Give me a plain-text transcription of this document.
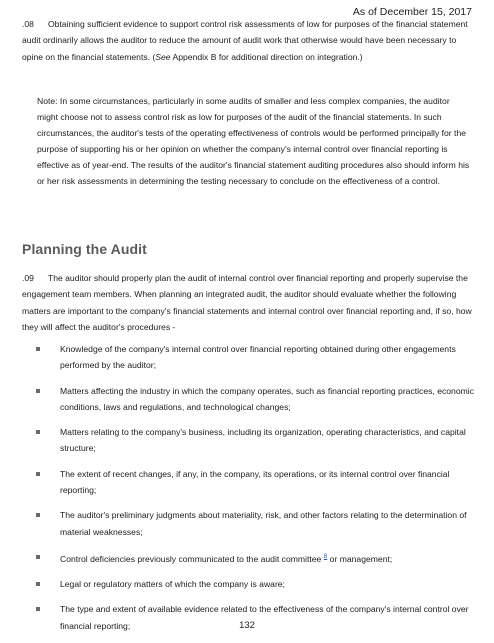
As of December 15, 2017
.08 Obtaining sufficient evidence to support control risk assessments of low for purposes of the financial statement audit ordinarily allows the auditor to reduce the amount of audit work that otherwise would have been necessary to opine on the financial statements. (See Appendix B for additional direction on integration.)
Note: In some circumstances, particularly in some audits of smaller and less complex companies, the auditor might choose not to assess control risk as low for purposes of the audit of the financial statements. In such circumstances, the auditor's tests of the operating effectiveness of controls would be performed principally for the purpose of supporting his or her opinion on whether the company's internal control over financial reporting is effective as of year-end. The results of the auditor's financial statement auditing procedures also should inform his or her risk assessments in determining the testing necessary to conclude on the effectiveness of a control.
Planning the Audit
.09 The auditor should properly plan the audit of internal control over financial reporting and properly supervise the engagement team members. When planning an integrated audit, the auditor should evaluate whether the following matters are important to the company's financial statements and internal control over financial reporting and, if so, how they will affect the auditor's procedures -
Knowledge of the company's internal control over financial reporting obtained during other engagements performed by the auditor;
Matters affecting the industry in which the company operates, such as financial reporting practices, economic conditions, laws and regulations, and technological changes;
Matters relating to the company's business, including its organization, operating characteristics, and capital structure;
The extent of recent changes, if any, in the company, its operations, or its internal control over financial reporting;
The auditor's preliminary judgments about materiality, risk, and other factors relating to the determination of material weaknesses;
Control deficiencies previously communicated to the audit committee $^8$ or management;
Legal or regulatory matters of which the company is aware;
The type and extent of available evidence related to the effectiveness of the company's internal control over financial reporting;	132
